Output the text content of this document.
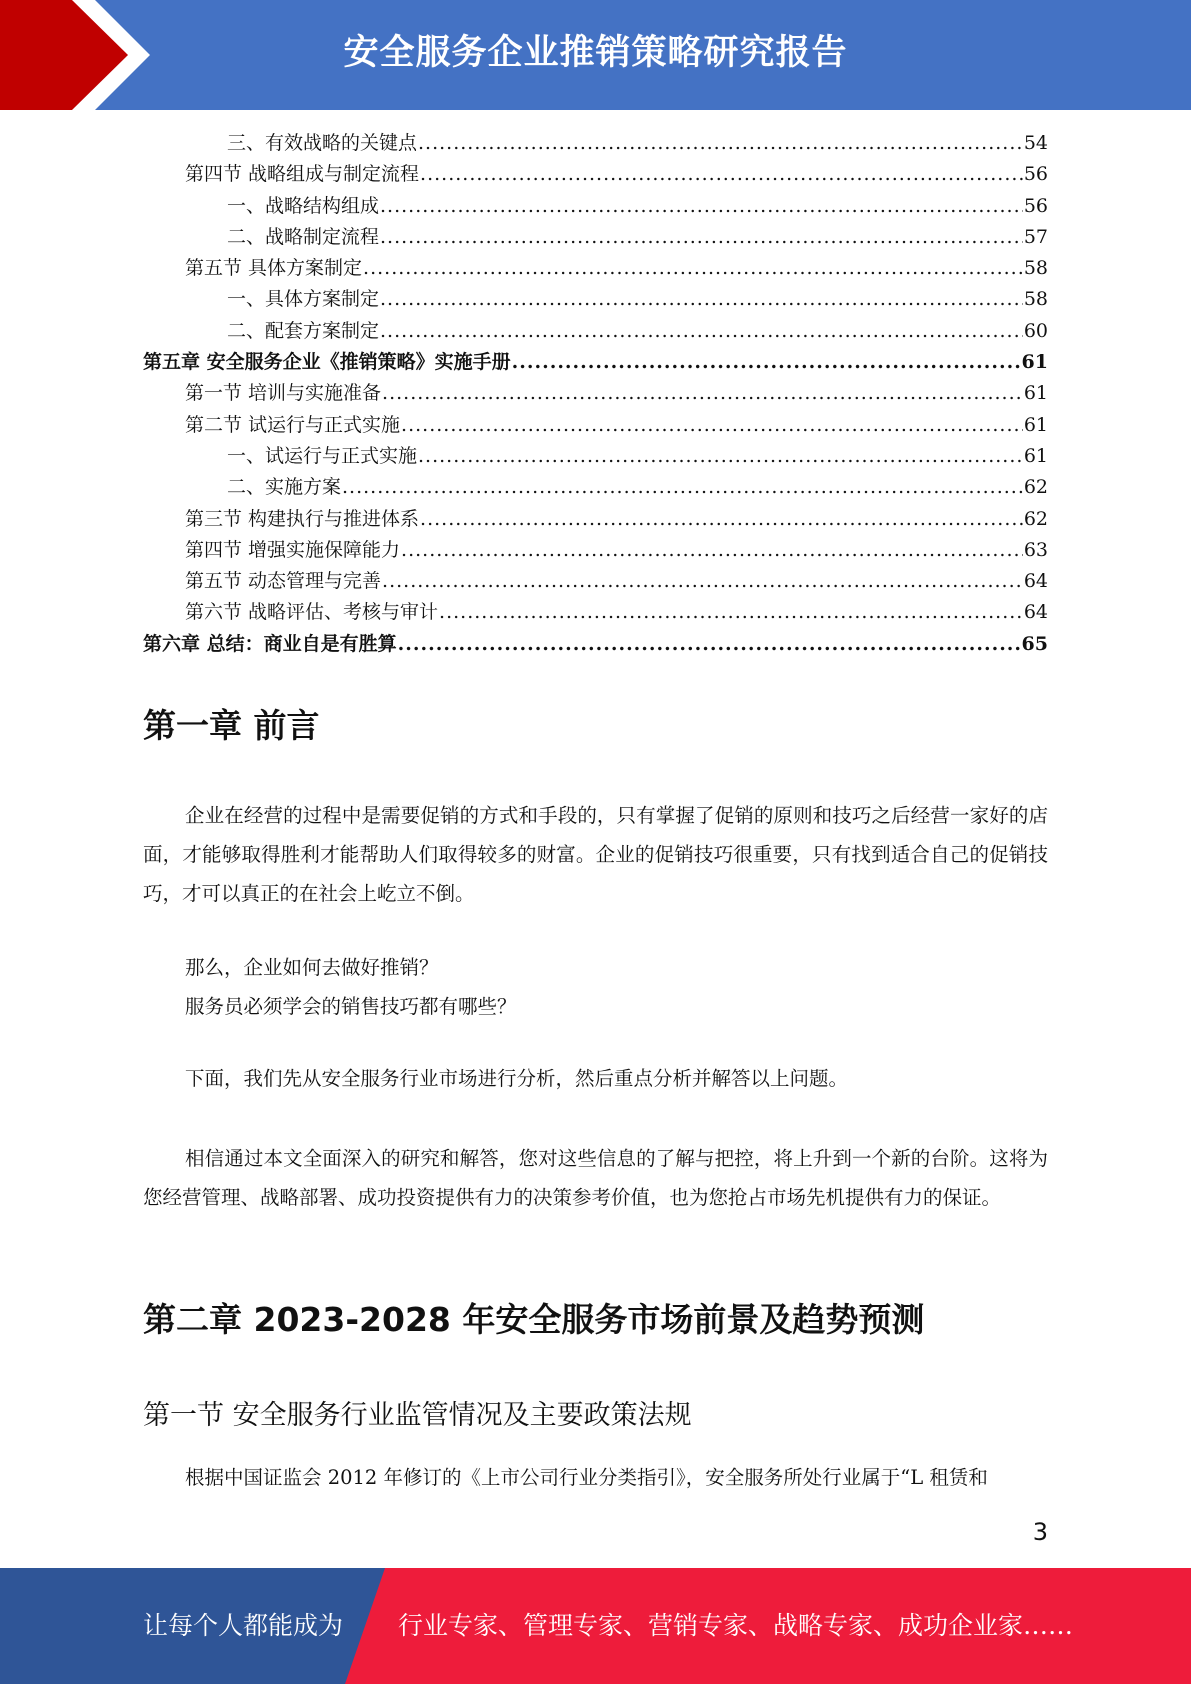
安全服务企业推销策略研究报告
三、有效战略的关键点 .....	54
第四节 战略组成与制定流程 .....	56
一、战略结构组成 .....	56
二、战略制定流程 .....	57
第五节 具体方案制定 .....	58
一、具体方案制定 .....	58
二、配套方案制定 .....	60
第五章 安全服务企业《推销策略》实施手册 .....	61
第一节 培训与实施准备 .....	61
第二节 试运行与正式实施 .....	61
一、试运行与正式实施 .....	61
二、实施方案 .....	62
第三节 构建执行与推进体系 .....	62
第四节 增强实施保障能力 .....	63
第五节 动态管理与完善 .....	64
第六节 战略评估、考核与审计 .....	64
第六章 总结：商业自是有胜算 .....	65
第一章 前言

企业在经营的过程中是需要促销的方式和手段的，只有掌握了促销的原则和技巧之后经营一家好的店面，才能够取得胜利才能帮助人们取得较多的财富。企业的促销技巧很重要，只有找到适合自己的促销技巧，才可以真正的在社会上屹立不倒。

那么，企业如何去做好推销？

服务员必须学会的销售技巧都有哪些？

下面，我们先从安全服务行业市场进行分析，然后重点分析并解答以上问题。

相信通过本文全面深入的研究和解答，您对这些信息的了解与把控，将上升到一个新的台阶。这将为您经营管理、战略部署、成功投资提供有力的决策参考价值，也为您抢占市场先机提供有力的保证。

第二章 2023-2028 年安全服务市场前景及趋势预测
第一节 安全服务行业监管情况及主要政策法规

根据中国证监会 2012 年修订的《上市公司行业分类指引》，安全服务所处行业属于“L 租赁和

3
让每个人都能成为 行业专家、管理专家、营销专家、战略专家、成功企业家……
